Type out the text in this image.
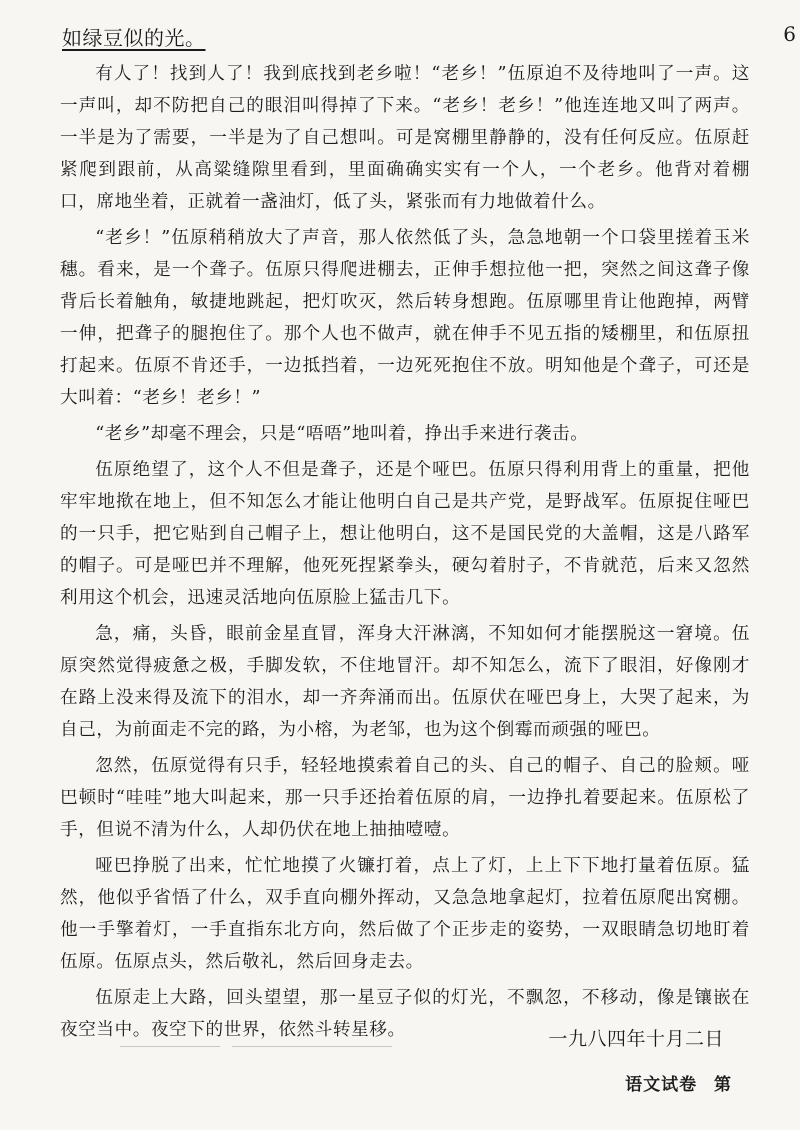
如绿豆似的光。	6

有人了！找到人了！我到底找到老乡啦！“老乡！”伍原迫不及待地叫了一声。这一声叫，却不防把自己的眼泪叫得掉了下来。“老乡！老乡！”他连连地又叫了两声。一半是为了需要，一半是为了自己想叫。可是窝棚里静静的，没有任何反应。伍原赶紧爬到跟前，从高粱缝隙里看到，里面确确实实有一个人，一个老乡。他背对着棚口，席地坐着，正就着一盏油灯，低了头，紧张而有力地做着什么。

“老乡！”伍原稍稍放大了声音，那人依然低了头，急急地朝一个口袋里搓着玉米穗。看来，是一个聋子。伍原只得爬进棚去，正伸手想拉他一把，突然之间这聋子像背后长着触角，敏捷地跳起，把灯吹灭，然后转身想跑。伍原哪里肯让他跑掉，两臂一伸，把聋子的腿抱住了。那个人也不做声，就在伸手不见五指的矮棚里，和伍原扭打起来。伍原不肯还手，一边抵挡着，一边死死抱住不放。明知他是个聋子，可还是大叫着：“老乡！老乡！”

“老乡”却毫不理会，只是“唔唔”地叫着，挣出手来进行袭击。

伍原绝望了，这个人不但是聋子，还是个哑巴。伍原只得利用背上的重量，把他牢牢地揿在地上，但不知怎么才能让他明白自己是共产党，是野战军。伍原捉住哑巴的一只手，把它贴到自己帽子上，想让他明白，这不是国民党的大盖帽，这是八路军的帽子。可是哑巴并不理解，他死死捏紧拳头，硬勾着肘子，不肯就范，后来又忽然利用这个机会，迅速灵活地向伍原脸上猛击几下。

急，痛，头昏，眼前金星直冒，浑身大汗淋漓，不知如何才能摆脱这一窘境。伍原突然觉得疲惫之极，手脚发软，不住地冒汗。却不知怎么，流下了眼泪，好像刚才在路上没来得及流下的泪水，却一齐奔涌而出。伍原伏在哑巴身上，大哭了起来，为自己，为前面走不完的路，为小榕，为老邹，也为这个倒霉而顽强的哑巴。

忽然，伍原觉得有只手，轻轻地摸索着自己的头、自己的帽子、自己的脸颊。哑巴顿时“哇哇”地大叫起来，那一只手还抬着伍原的肩，一边挣扎着要起来。伍原松了手，但说不清为什么，人却仍伏在地上抽抽噎噎。

哑巴挣脱了出来，忙忙地摸了火镰打着，点上了灯，上上下下地打量着伍原。猛然，他似乎省悟了什么，双手直向棚外挥动，又急急地拿起灯，拉着伍原爬出窝棚。他一手擎着灯，一手直指东北方向，然后做了个正步走的姿势，一双眼睛急切地盯着伍原。伍原点头，然后敬礼，然后回身走去。

伍原走上大路，回头望望，那一星豆子似的灯光，不飘忽，不移动，像是镶嵌在夜空当中。夜空下的世界，依然斗转星移。	一九八四年十月二日
语文试卷 第
